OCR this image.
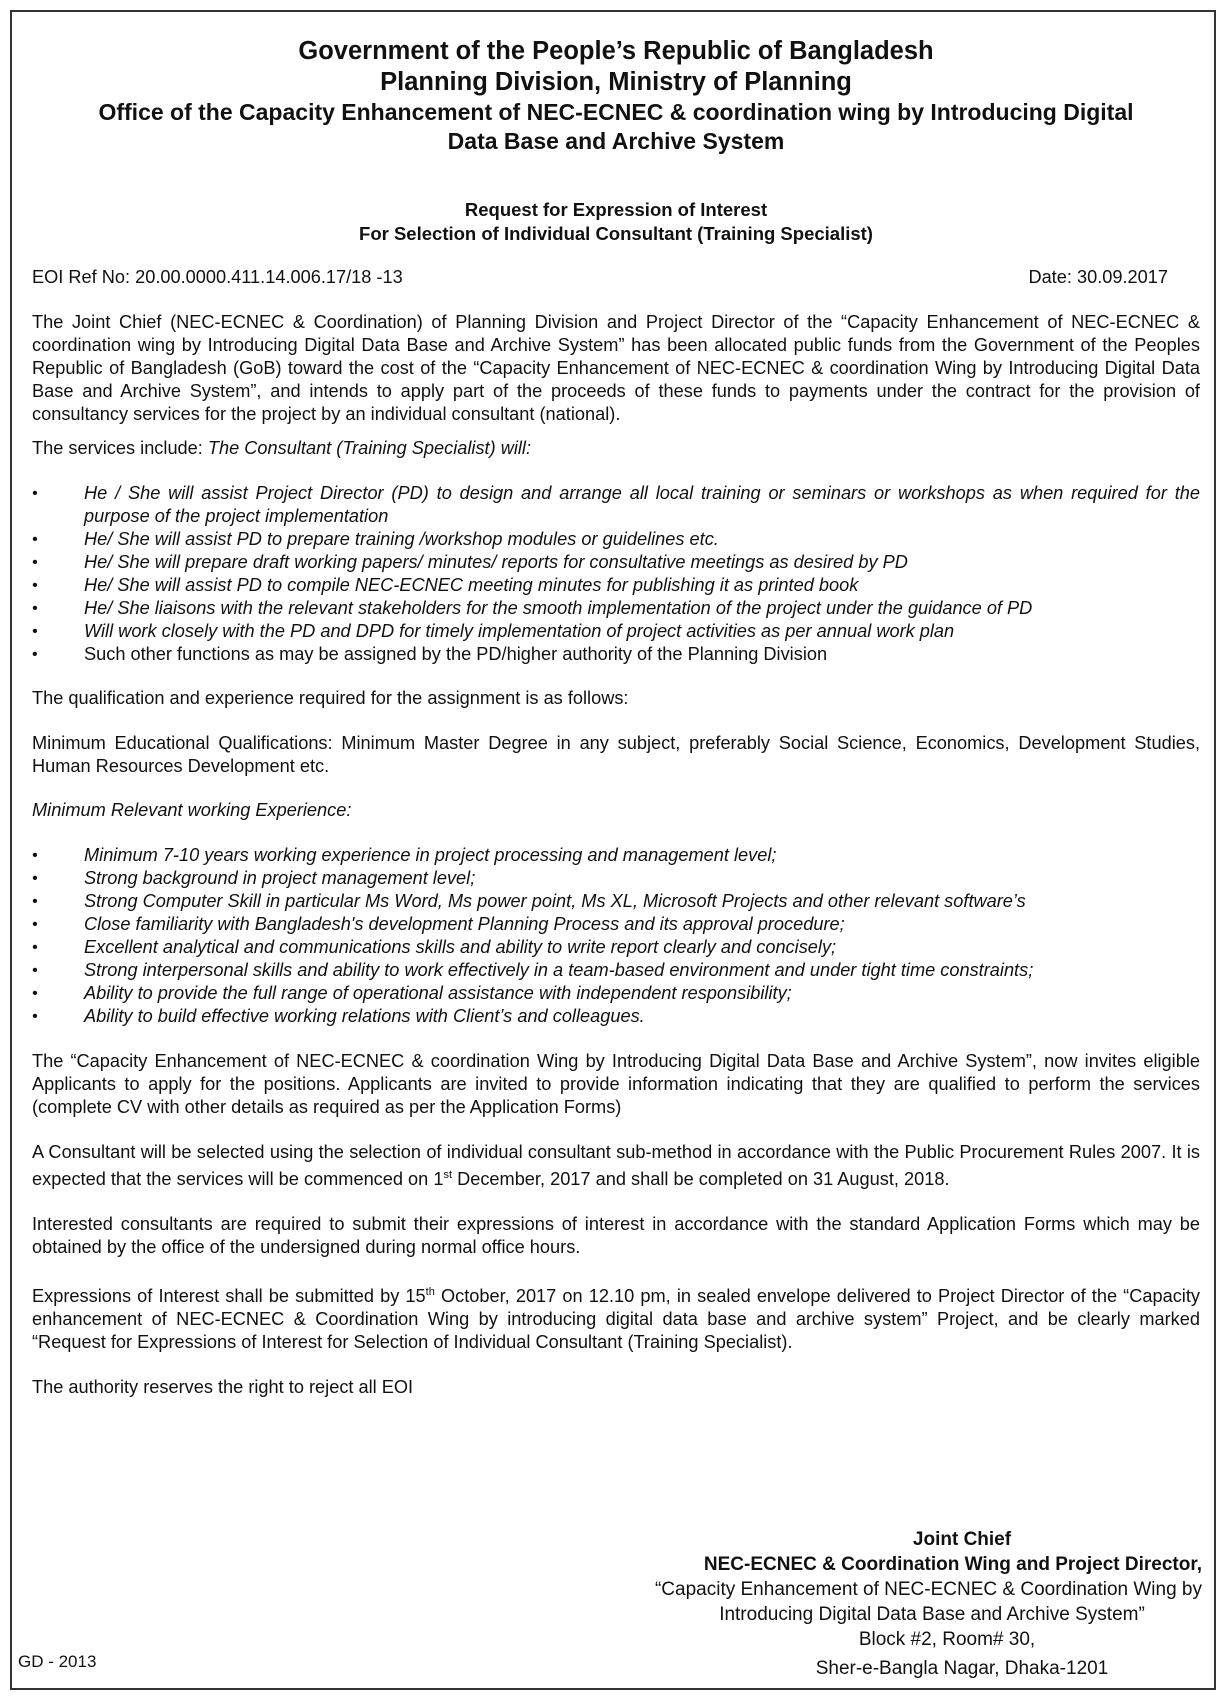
Government of the People’s Republic of Bangladesh
Planning Division, Ministry of Planning
Office of the Capacity Enhancement of NEC-ECNEC & coordination wing by Introducing Digital
Data Base and Archive System
Request for Expression of Interest
For Selection of Individual Consultant (Training Specialist)
EOI Ref No: 20.00.0000.411.14.006.17/18 -13	Date: 30.09.2017

The Joint Chief (NEC-ECNEC & Coordination) of Planning Division and Project Director of the “Capacity Enhancement of NEC-ECNEC & coordination wing by Introducing Digital Data Base and Archive System” has been allocated public funds from the Government of the Peoples Republic of Bangladesh (GoB) toward the cost of the “Capacity Enhancement of NEC-ECNEC & coordination Wing by Introducing Digital Data Base and Archive System”, and intends to apply part of the proceeds of these funds to payments under the contract for the provision of consultancy services for the project by an individual consultant (national).

The services include: The Consultant (Training Specialist) will:

• He / She will assist Project Director (PD) to design and arrange all local training or seminars or workshops as when required for the purpose of the project implementation
• He/ She will assist PD to prepare training /workshop modules or guidelines etc.
• He/ She will prepare draft working papers/ minutes/ reports for consultative meetings as desired by PD
• He/ She will assist PD to compile NEC-ECNEC meeting minutes for publishing it as printed book
• He/ She liaisons with the relevant stakeholders for the smooth implementation of the project under the guidance of PD
• Will work closely with the PD and DPD for timely implementation of project activities as per annual work plan
• Such other functions as may be assigned by the PD/higher authority of the Planning Division

The qualification and experience required for the assignment is as follows:

Minimum Educational Qualifications: Minimum Master Degree in any subject, preferably Social Science, Economics, Development Studies, Human Resources Development etc.

Minimum Relevant working Experience:

• Minimum 7-10 years working experience in project processing and management level;
• Strong background in project management level;
• Strong Computer Skill in particular Ms Word, Ms power point, Ms XL, Microsoft Projects and other relevant software’s
• Close familiarity with Bangladesh's development Planning Process and its approval procedure;
• Excellent analytical and communications skills and ability to write report clearly and concisely;
• Strong interpersonal skills and ability to work effectively in a team-based environment and under tight time constraints;
• Ability to provide the full range of operational assistance with independent responsibility;
• Ability to build effective working relations with Client’s and colleagues.

The “Capacity Enhancement of NEC-ECNEC & coordination Wing by Introducing Digital Data Base and Archive System”, now invites eligible Applicants to apply for the positions. Applicants are invited to provide information indicating that they are qualified to perform the services (complete CV with other details as required as per the Application Forms)

A Consultant will be selected using the selection of individual consultant sub-method in accordance with the Public Procurement Rules 2007. It is expected that the services will be commenced on 1st December, 2017 and shall be completed on 31 August, 2018.

Interested consultants are required to submit their expressions of interest in accordance with the standard Application Forms which may be obtained by the office of the undersigned during normal office hours.

Expressions of Interest shall be submitted by 15th October, 2017 on 12.10 pm, in sealed envelope delivered to Project Director of the “Capacity enhancement of NEC-ECNEC & Coordination Wing by introducing digital data base and archive system” Project, and be clearly marked “Request for Expressions of Interest for Selection of Individual Consultant (Training Specialist).

The authority reserves the right to reject all EOI

Joint Chief
NEC-ECNEC & Coordination Wing and Project Director,
“Capacity Enhancement of NEC-ECNEC & Coordination Wing by
Introducing Digital Data Base and Archive System”
Block #2, Room# 30,
Sher-e-Bangla Nagar, Dhaka-1201
GD - 2013
